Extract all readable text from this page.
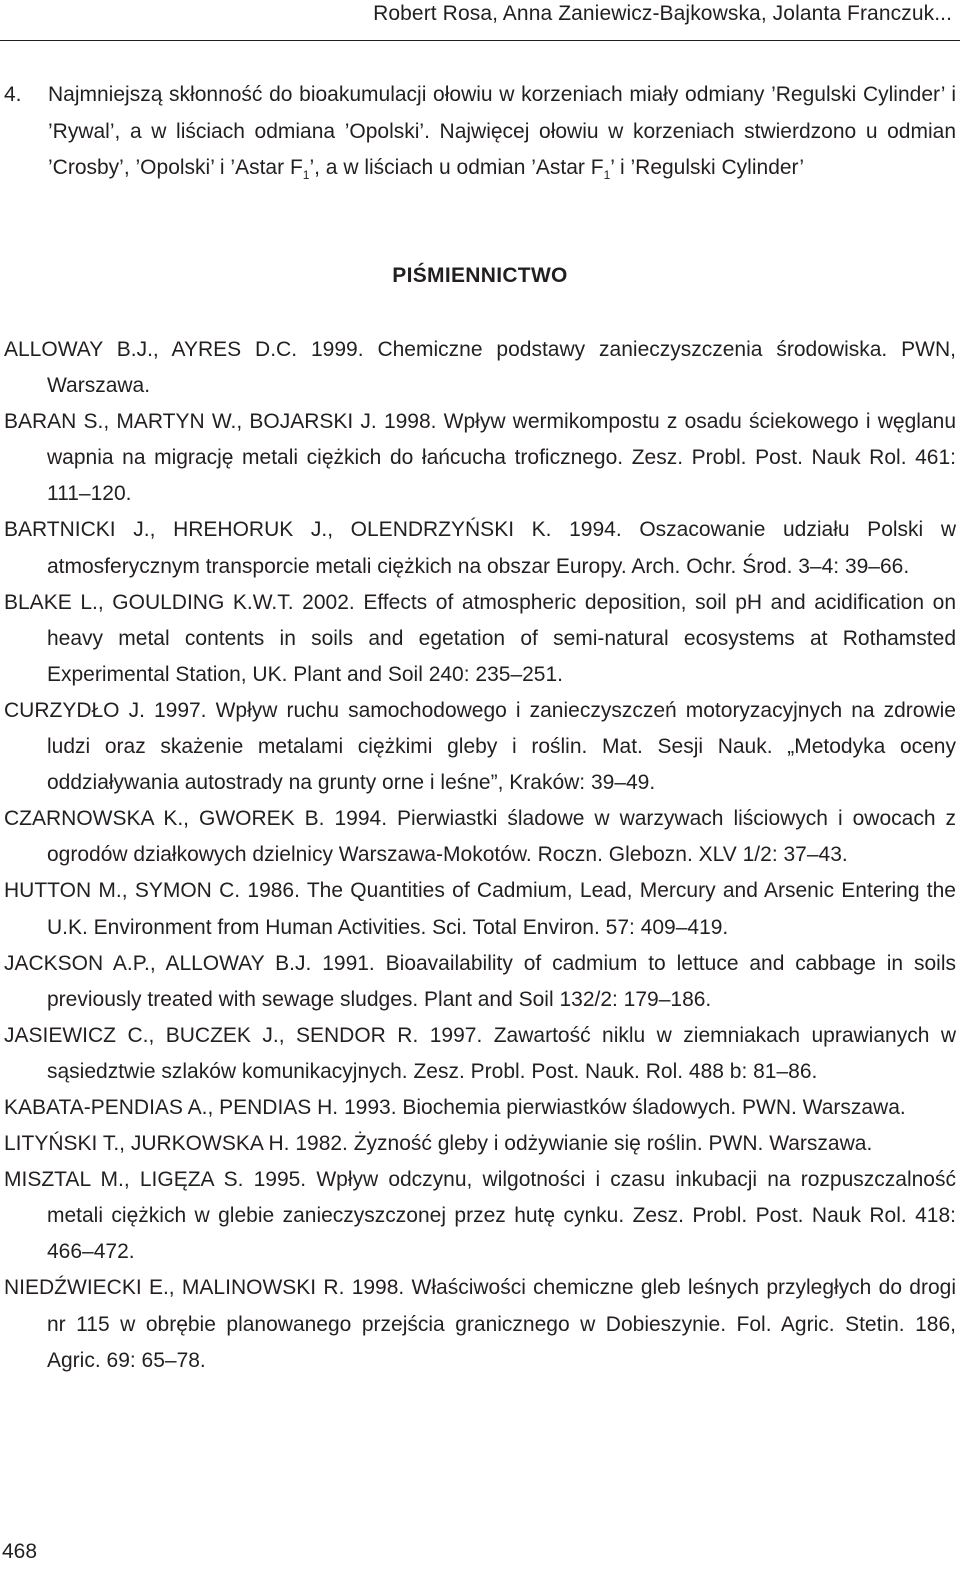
Robert Rosa, Anna Zaniewicz-Bajkowska, Jolanta Franczuk...
4. Najmniejszą skłonność do bioakumulacji ołowiu w korzeniach miały odmiany ’Regulski Cylinder’ i ’Rywal’, a w liściach odmiana ’Opolski’. Najwięcej ołowiu w korzeniach stwierdzono u odmian ’Crosby’, ’Opolski’ i ’Astar $F_1$’, a w liściach u odmian ’Astar $F_1$’ i ’Regulski Cylinder’
PIŚMIENNICTWO
ALLOWAY B.J., AYRES D.C. 1999. Chemiczne podstawy zanieczyszczenia środowiska. PWN, Warszawa.
BARAN S., MARTYN W., BOJARSKI J. 1998. Wpływ wermikompostu z osadu ściekowego i węglanu wapnia na migrację metali ciężkich do łańcucha troficznego. Zesz. Probl. Post. Nauk Rol. 461: 111–120.
BARTNICKI J., HREHORUK J., OLENDRZYŃSKI K. 1994. Oszacowanie udziału Polski w atmosferycznym transporcie metali ciężkich na obszar Europy. Arch. Ochr. Środ. 3–4: 39–66.
BLAKE L., GOULDING K.W.T. 2002. Effects of atmospheric deposition, soil pH and acidification on heavy metal contents in soils and egetation of semi-natural ecosystems at Rothamsted Experimental Station, UK. Plant and Soil 240: 235–251.
CURZYDŁO J. 1997. Wpływ ruchu samochodowego i zanieczyszczeń motoryzacyjnych na zdrowie ludzi oraz skażenie metalami ciężkimi gleby i roślin. Mat. Sesji Nauk. „Metodyka oceny oddziaływania autostrady na grunty orne i leśne”, Kraków: 39–49.
CZARNOWSKA K., GWOREK B. 1994. Pierwiastki śladowe w warzywach liściowych i owocach z ogrodów działkowych dzielnicy Warszawa-Mokotów. Roczn. Glebozn. XLV 1/2: 37–43.
HUTTON M., SYMON C. 1986. The Quantities of Cadmium, Lead, Mercury and Arsenic Entering the U.K. Environment from Human Activities. Sci. Total Environ. 57: 409–419.
JACKSON A.P., ALLOWAY B.J. 1991. Bioavailability of cadmium to lettuce and cabbage in soils previously treated with sewage sludges. Plant and Soil 132/2: 179–186.
JASIEWICZ C., BUCZEK J., SENDOR R. 1997. Zawartość niklu w ziemniakach uprawianych w sąsiedztwie szlaków komunikacyjnych. Zesz. Probl. Post. Nauk. Rol. 488 b: 81–86.
KABATA-PENDIAS A., PENDIAS H. 1993. Biochemia pierwiastków śladowych. PWN. Warszawa.
LITYŃSKI T., JURKOWSKA H. 1982. Żyzność gleby i odżywianie się roślin. PWN. Warszawa.
MISZTAL M., LIGĘZA S. 1995. Wpływ odczynu, wilgotności i czasu inkubacji na rozpuszczalność metali ciężkich w glebie zanieczyszczonej przez hutę cynku. Zesz. Probl. Post. Nauk Rol. 418: 466–472.
NIEDŹWIECKI E., MALINOWSKI R. 1998. Właściwości chemiczne gleb leśnych przyległych do drogi nr 115 w obrębie planowanego przejścia granicznego w Dobieszynie. Fol. Agric. Stetin. 186, Agric. 69: 65–78.
468
